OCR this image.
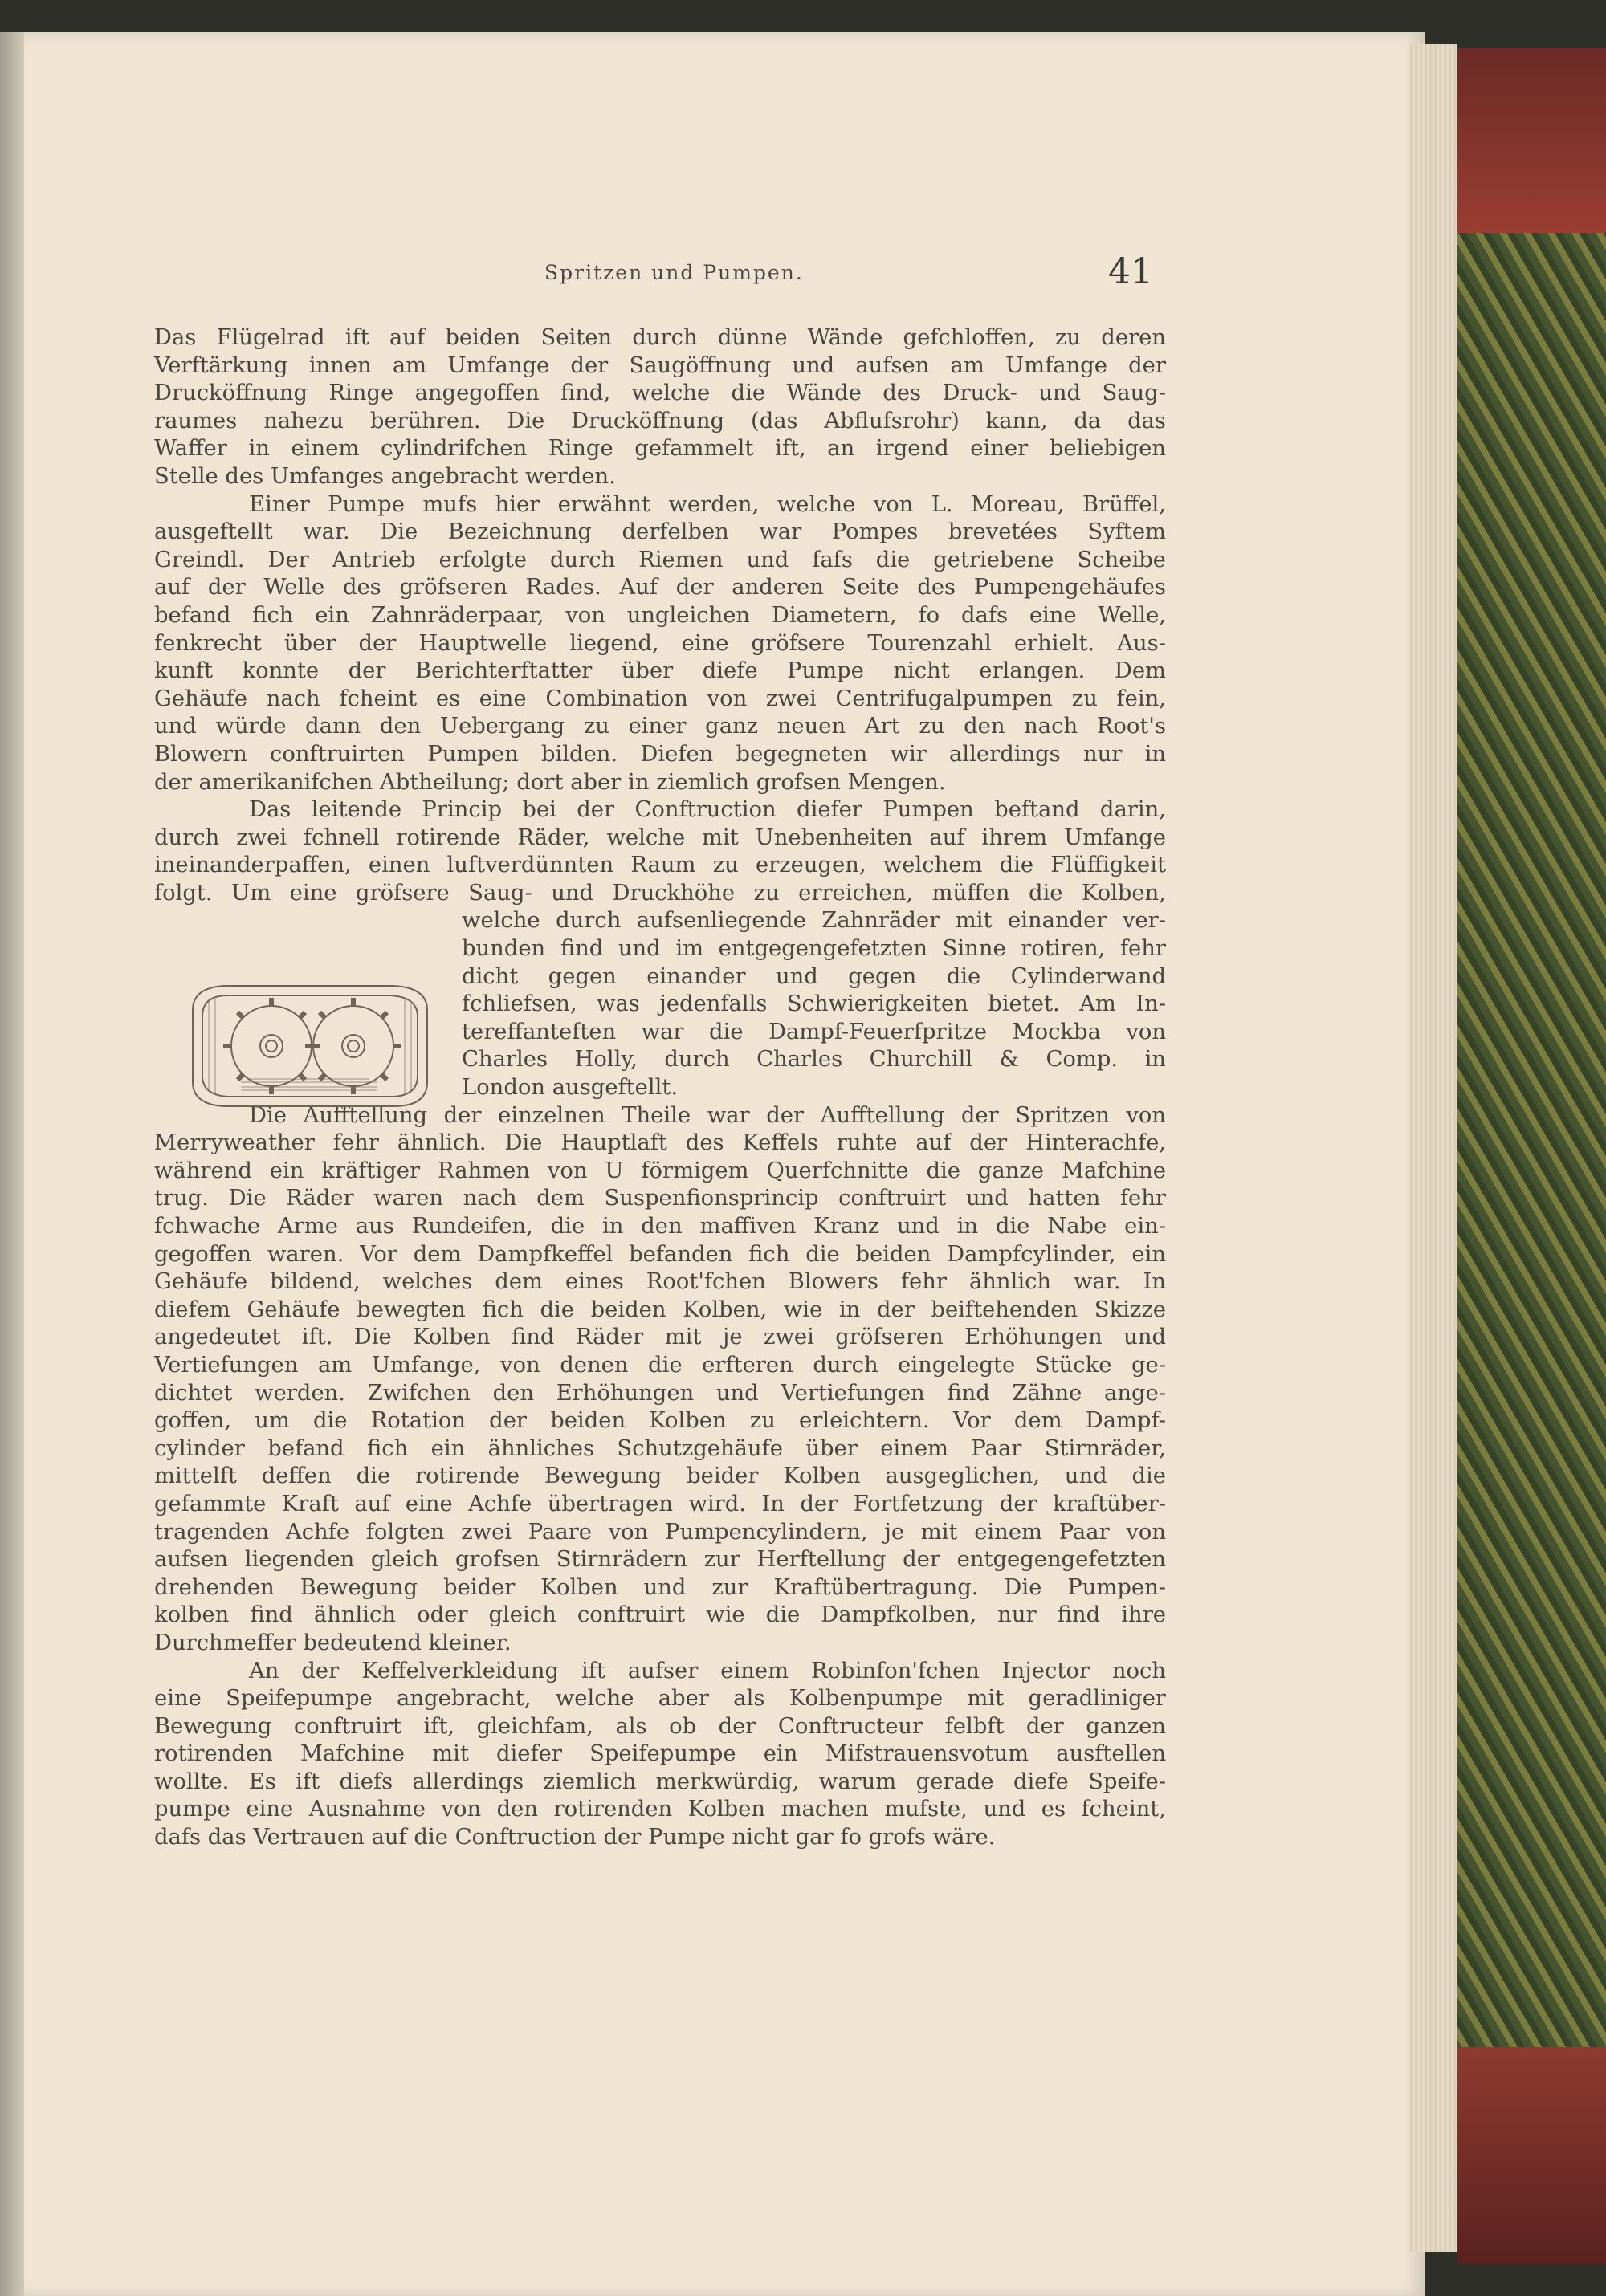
Spritzen und Pumpen.	41
Das Flügelrad ift auf beiden Seiten durch dünne Wände gefchloffen, zu deren
Verftärkung innen am Umfange der Saugöffnung und aufsen am Umfange der
Drucköffnung Ringe angegoffen find, welche die Wände des Druck- und Saug-
raumes nahezu berühren. Die Drucköffnung (das Abflufsrohr) kann, da das
Waffer in einem cylindrifchen Ringe gefammelt ift, an irgend einer beliebigen
Stelle des Umfanges angebracht werden.
Einer Pumpe mufs hier erwähnt werden, welche von L. Moreau, Brüffel,
ausgeftellt war. Die Bezeichnung derfelben war Pompes brevetées Syftem
Greindl. Der Antrieb erfolgte durch Riemen und fafs die getriebene Scheibe
auf der Welle des gröfseren Rades. Auf der anderen Seite des Pumpengehäufes
befand fich ein Zahnräderpaar, von ungleichen Diametern, fo dafs eine Welle,
fenkrecht über der Hauptwelle liegend, eine gröfsere Tourenzahl erhielt. Aus-
kunft konnte der Berichterftatter über diefe Pumpe nicht erlangen. Dem
Gehäufe nach fcheint es eine Combination von zwei Centrifugalpumpen zu fein,
und würde dann den Uebergang zu einer ganz neuen Art zu den nach Root's
Blowern conftruirten Pumpen bilden. Diefen begegneten wir allerdings nur in
der amerikanifchen Abtheilung; dort aber in ziemlich grofsen Mengen.
Das leitende Princip bei der Conftruction diefer Pumpen beftand darin,
durch zwei fchnell rotirende Räder, welche mit Unebenheiten auf ihrem Umfange
ineinanderpaffen, einen luftverdünnten Raum zu erzeugen, welchem die Flüffigkeit
folgt. Um eine gröfsere Saug- und Druckhöhe zu erreichen, müffen die Kolben,
welche durch aufsenliegende Zahnräder mit einander ver-
bunden find und im entgegengefetzten Sinne rotiren, fehr
dicht gegen einander und gegen die Cylinderwand
fchliefsen, was jedenfalls Schwierigkeiten bietet. Am In-
tereffanteften war die Dampf-Feuerfpritze Mockba von
Charles Holly, durch Charles Churchill & Comp. in
London ausgeftellt.
Die Aufftellung der einzelnen Theile war der Aufftellung der Spritzen von
Merryweather fehr ähnlich. Die Hauptlaft des Keffels ruhte auf der Hinterachfe,
während ein kräftiger Rahmen von U förmigem Querfchnitte die ganze Mafchine
trug. Die Räder waren nach dem Suspenfionsprincip conftruirt und hatten fehr
fchwache Arme aus Rundeifen, die in den maffiven Kranz und in die Nabe ein-
gegoffen waren. Vor dem Dampfkeffel befanden fich die beiden Dampfcylinder, ein
Gehäufe bildend, welches dem eines Root'fchen Blowers fehr ähnlich war. In
diefem Gehäufe bewegten fich die beiden Kolben, wie in der beiftehenden Skizze
angedeutet ift. Die Kolben find Räder mit je zwei gröfseren Erhöhungen und
Vertiefungen am Umfange, von denen die erfteren durch eingelegte Stücke ge-
dichtet werden. Zwifchen den Erhöhungen und Vertiefungen find Zähne ange-
goffen, um die Rotation der beiden Kolben zu erleichtern. Vor dem Dampf-
cylinder befand fich ein ähnliches Schutzgehäufe über einem Paar Stirnräder,
mittelft deffen die rotirende Bewegung beider Kolben ausgeglichen, und die
gefammte Kraft auf eine Achfe übertragen wird. In der Fortfetzung der kraftüber-
tragenden Achfe folgten zwei Paare von Pumpencylindern, je mit einem Paar von
aufsen liegenden gleich grofsen Stirnrädern zur Herftellung der entgegengefetzten
drehenden Bewegung beider Kolben und zur Kraftübertragung. Die Pumpen-
kolben find ähnlich oder gleich conftruirt wie die Dampfkolben, nur find ihre
Durchmeffer bedeutend kleiner.
An der Keffelverkleidung ift aufser einem Robinfon'fchen Injector noch
eine Speifepumpe angebracht, welche aber als Kolbenpumpe mit geradliniger
Bewegung conftruirt ift, gleichfam, als ob der Conftructeur felbft der ganzen
rotirenden Mafchine mit diefer Speifepumpe ein Mifstrauensvotum ausftellen
wollte. Es ift diefs allerdings ziemlich merkwürdig, warum gerade diefe Speife-
pumpe eine Ausnahme von den rotirenden Kolben machen mufste, und es fcheint,
dafs das Vertrauen auf die Conftruction der Pumpe nicht gar fo grofs wäre.
